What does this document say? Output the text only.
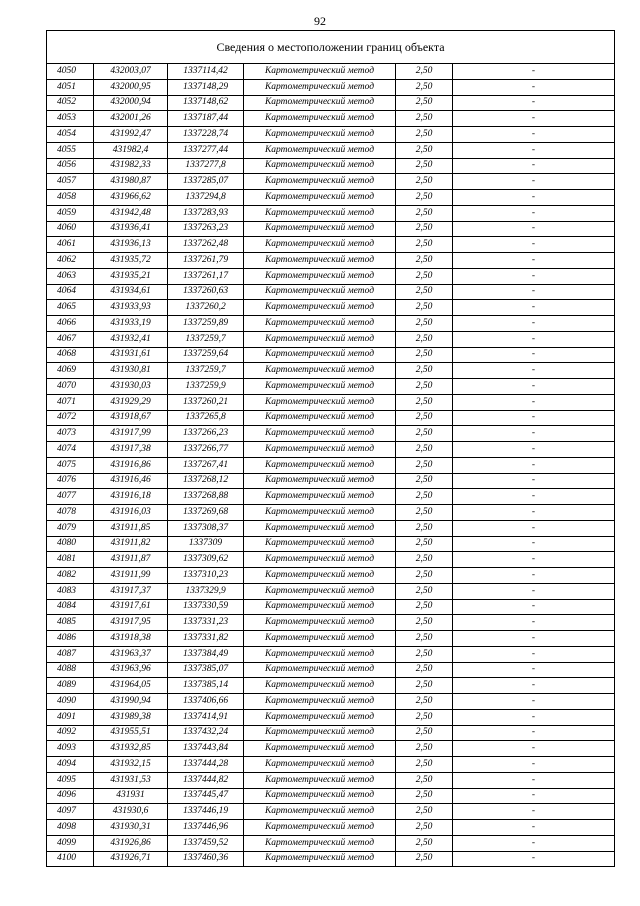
92
Сведения о местоположении границ объекта					
4050	432003,07	1337114,42	Картометрический метод	2,50	-
4051	432000,95	1337148,29	Картометрический метод	2,50	-
4052	432000,94	1337148,62	Картометрический метод	2,50	-
4053	432001,26	1337187,44	Картометрический метод	2,50	-
4054	431992,47	1337228,74	Картометрический метод	2,50	-
4055	431982,4	1337277,44	Картометрический метод	2,50	-
4056	431982,33	1337277,8	Картометрический метод	2,50	-
4057	431980,87	1337285,07	Картометрический метод	2,50	-
4058	431966,62	1337294,8	Картометрический метод	2,50	-
4059	431942,48	1337283,93	Картометрический метод	2,50	-
4060	431936,41	1337263,23	Картометрический метод	2,50	-
4061	431936,13	1337262,48	Картометрический метод	2,50	-
4062	431935,72	1337261,79	Картометрический метод	2,50	-
4063	431935,21	1337261,17	Картометрический метод	2,50	-
4064	431934,61	1337260,63	Картометрический метод	2,50	-
4065	431933,93	1337260,2	Картометрический метод	2,50	-
4066	431933,19	1337259,89	Картометрический метод	2,50	-
4067	431932,41	1337259,7	Картометрический метод	2,50	-
4068	431931,61	1337259,64	Картометрический метод	2,50	-
4069	431930,81	1337259,7	Картометрический метод	2,50	-
4070	431930,03	1337259,9	Картометрический метод	2,50	-
4071	431929,29	1337260,21	Картометрический метод	2,50	-
4072	431918,67	1337265,8	Картометрический метод	2,50	-
4073	431917,99	1337266,23	Картометрический метод	2,50	-
4074	431917,38	1337266,77	Картометрический метод	2,50	-
4075	431916,86	1337267,41	Картометрический метод	2,50	-
4076	431916,46	1337268,12	Картометрический метод	2,50	-
4077	431916,18	1337268,88	Картометрический метод	2,50	-
4078	431916,03	1337269,68	Картометрический метод	2,50	-
4079	431911,85	1337308,37	Картометрический метод	2,50	-
4080	431911,82	1337309	Картометрический метод	2,50	-
4081	431911,87	1337309,62	Картометрический метод	2,50	-
4082	431911,99	1337310,23	Картометрический метод	2,50	-
4083	431917,37	1337329,9	Картометрический метод	2,50	-
4084	431917,61	1337330,59	Картометрический метод	2,50	-
4085	431917,95	1337331,23	Картометрический метод	2,50	-
4086	431918,38	1337331,82	Картометрический метод	2,50	-
4087	431963,37	1337384,49	Картометрический метод	2,50	-
4088	431963,96	1337385,07	Картометрический метод	2,50	-
4089	431964,05	1337385,14	Картометрический метод	2,50	-
4090	431990,94	1337406,66	Картометрический метод	2,50	-
4091	431989,38	1337414,91	Картометрический метод	2,50	-
4092	431955,51	1337432,24	Картометрический метод	2,50	-
4093	431932,85	1337443,84	Картометрический метод	2,50	-
4094	431932,15	1337444,28	Картометрический метод	2,50	-
4095	431931,53	1337444,82	Картометрический метод	2,50	-
4096	431931	1337445,47	Картометрический метод	2,50	-
4097	431930,6	1337446,19	Картометрический метод	2,50	-
4098	431930,31	1337446,96	Картометрический метод	2,50	-
4099	431926,86	1337459,52	Картометрический метод	2,50	-
4100	431926,71	1337460,36	Картометрический метод	2,50	-
